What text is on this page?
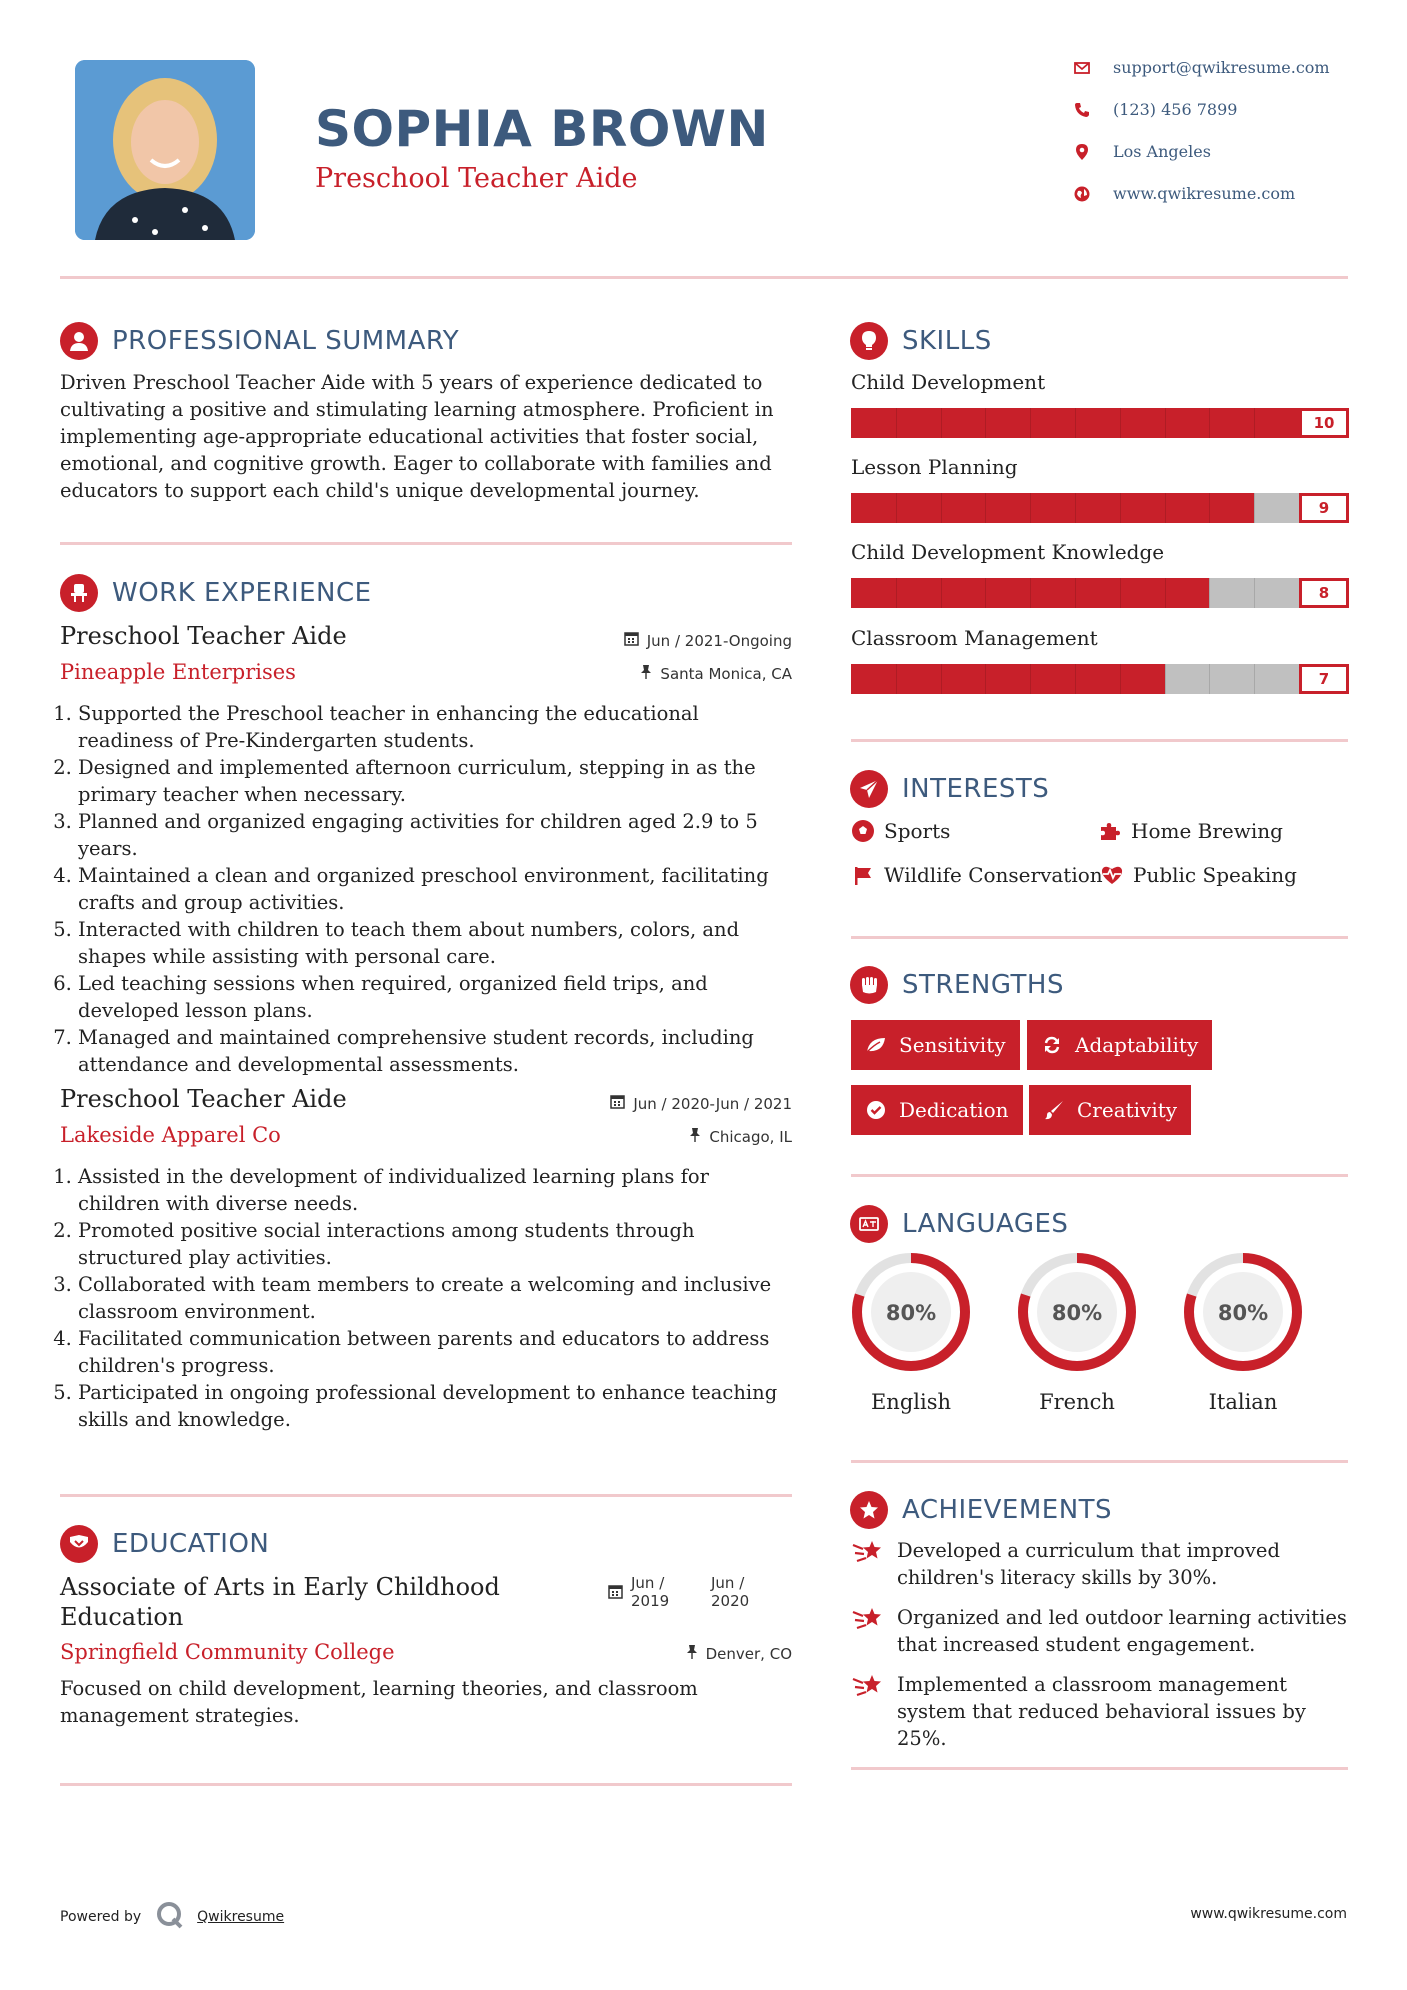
SOPHIA BROWN
Preschool Teacher Aide
support@qwikresume.com
(123) 456 7899
Los Angeles
www.qwikresume.com
PROFESSIONAL SUMMARY
Driven Preschool Teacher Aide with 5 years of experience dedicated to cultivating a positive and stimulating learning atmosphere. Proficient in implementing age-appropriate educational activities that foster social, emotional, and cognitive growth. Eager to collaborate with families and educators to support each child's unique developmental journey.
WORK EXPERIENCE
Preschool Teacher Aide
Pineapple Enterprises
Jun / 2021-Ongoing
Santa Monica, CA
1. Supported the Preschool teacher in enhancing the educational readiness of Pre-Kindergarten students.
2. Designed and implemented afternoon curriculum, stepping in as the primary teacher when necessary.
3. Planned and organized engaging activities for children aged 2.9 to 5 years.
4. Maintained a clean and organized preschool environment, facilitating crafts and group activities.
5. Interacted with children to teach them about numbers, colors, and shapes while assisting with personal care.
6. Led teaching sessions when required, organized field trips, and developed lesson plans.
7. Managed and maintained comprehensive student records, including attendance and developmental assessments.
Preschool Teacher Aide
Lakeside Apparel Co
Jun / 2020-Jun / 2021
Chicago, IL
1. Assisted in the development of individualized learning plans for children with diverse needs.
2. Promoted positive social interactions among students through structured play activities.
3. Collaborated with team members to create a welcoming and inclusive classroom environment.
4. Facilitated communication between parents and educators to address children's progress.
5. Participated in ongoing professional development to enhance teaching skills and knowledge.
EDUCATION
Associate of Arts in Early Childhood Education
Springfield Community College
Jun / 2019
Jun / 2020
Denver, CO
Focused on child development, learning theories, and classroom management strategies.
SKILLS
Child Development
10
Lesson Planning
9
Child Development Knowledge
8
Classroom Management
7
INTERESTS
Sports	Home Brewing
Wildlife Conservation Public Speaking
STRENGTHS
Sensitivity	Adaptability
Dedication	Creativity
LANGUAGES
80%
English
80%
French
80%
Italian
ACHIEVEMENTS
Developed a curriculum that improved children's literacy skills by 30%.
Organized and led outdoor learning activities that increased student engagement.
Implemented a classroom management system that reduced behavioral issues by 25%.
Powered by	Qwikresume	www.qwikresume.com
